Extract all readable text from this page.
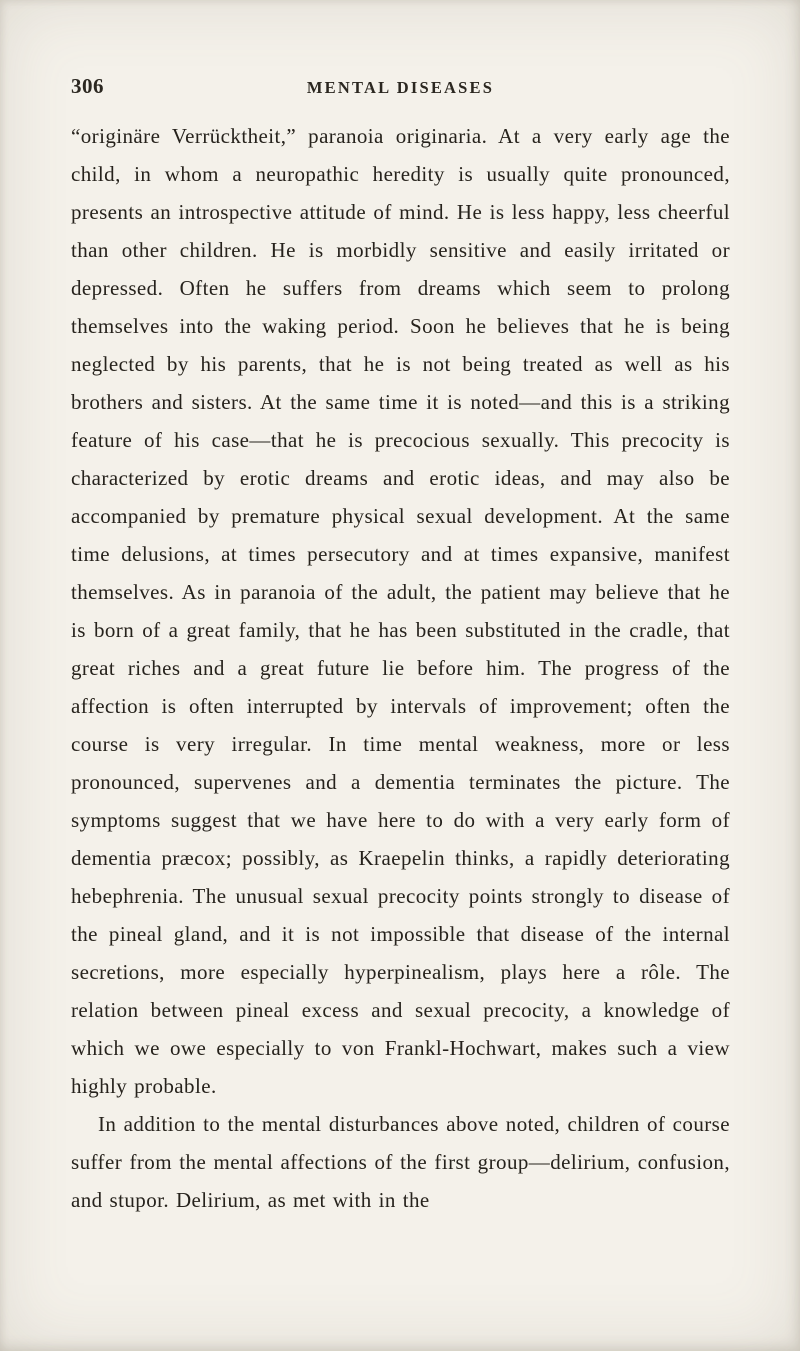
306	MENTAL DISEASES

“originäre Verrücktheit,” paranoia originaria. At a very early age the child, in whom a neuropathic heredity is usually quite pronounced, presents an introspective attitude of mind. He is less happy, less cheerful than other children. He is morbidly sensitive and easily irritated or depressed. Often he suffers from dreams which seem to prolong themselves into the waking period. Soon he believes that he is being neglected by his parents, that he is not being treated as well as his brothers and sisters. At the same time it is noted—and this is a striking feature of his case—that he is precocious sexually. This precocity is characterized by erotic dreams and erotic ideas, and may also be accompanied by premature physical sexual development. At the same time delusions, at times persecutory and at times expansive, manifest themselves. As in paranoia of the adult, the patient may believe that he is born of a great family, that he has been substituted in the cradle, that great riches and a great future lie before him. The progress of the affection is often interrupted by intervals of improvement; often the course is very irregular. In time mental weakness, more or less pronounced, supervenes and a dementia terminates the picture. The symptoms suggest that we have here to do with a very early form of dementia præcox; possibly, as Kraepelin thinks, a rapidly deteriorating hebephrenia. The unusual sexual precocity points strongly to disease of the pineal gland, and it is not impossible that disease of the internal secretions, more especially hyperpinealism, plays here a rôle. The relation between pineal excess and sexual precocity, a knowledge of which we owe especially to von Frankl-Hochwart, makes such a view highly probable.

In addition to the mental disturbances above noted, children of course suffer from the mental affections of the first group—delirium, confusion, and stupor. Delirium, as met with in the
